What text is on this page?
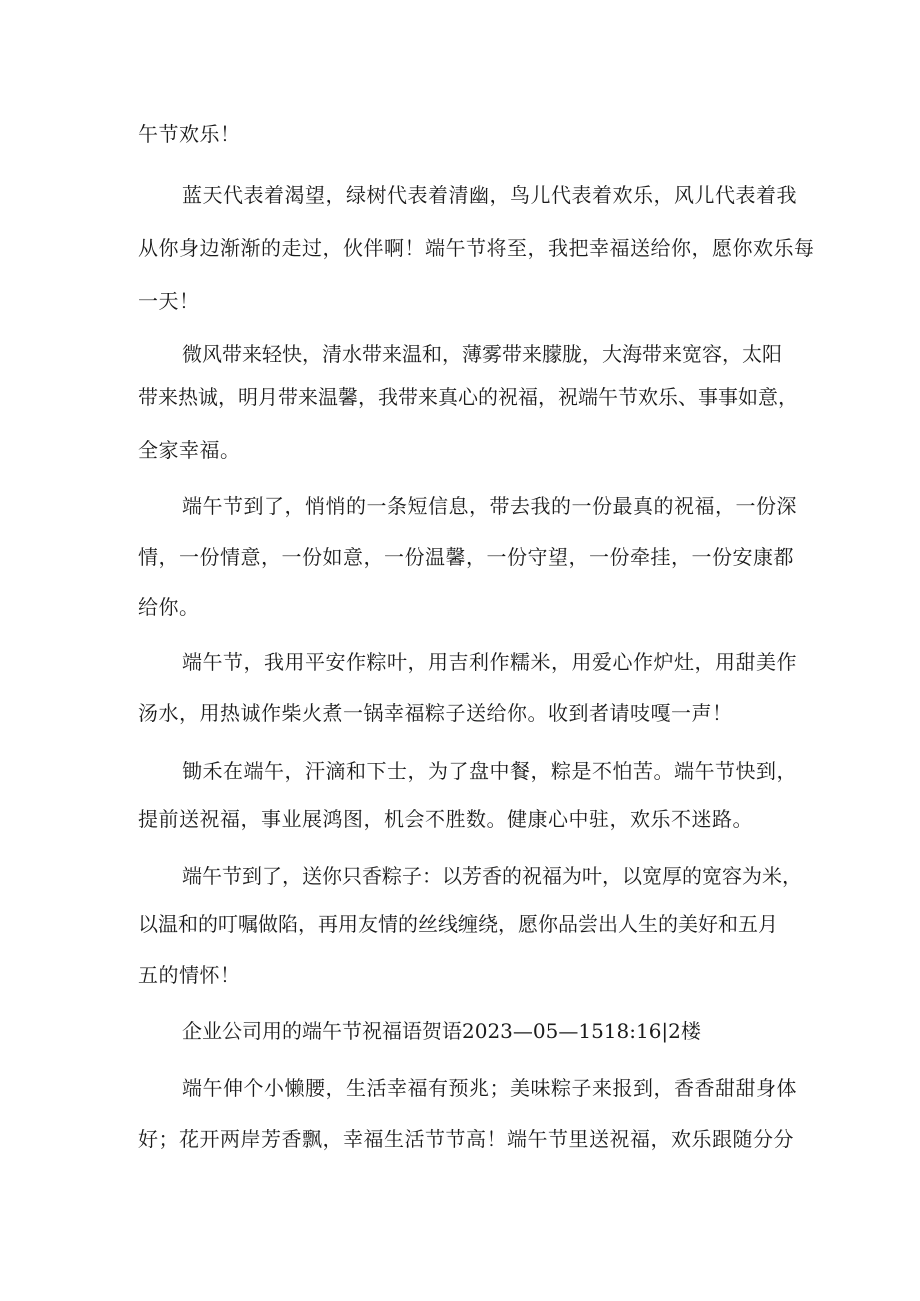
午节欢乐！
蓝天代表着渴望，绿树代表着清幽，鸟儿代表着欢乐，风儿代表着我
从你身边渐渐的走过，伙伴啊！端午节将至，我把幸福送给你，愿你欢乐每
一天！
微风带来轻快，清水带来温和，薄雾带来朦胧，大海带来宽容，太阳
带来热诚，明月带来温馨，我带来真心的祝福，祝端午节欢乐、事事如意，
全家幸福。
端午节到了，悄悄的一条短信息，带去我的一份最真的祝福，一份深
情，一份情意，一份如意，一份温馨，一份守望，一份牵挂，一份安康都
给你。
端午节，我用平安作粽叶，用吉利作糯米，用爱心作炉灶，用甜美作
汤水，用热诚作柴火煮一锅幸福粽子送给你。收到者请吱嘎一声！
锄禾在端午，汗滴和下士，为了盘中餐，粽是不怕苦。端午节快到，
提前送祝福，事业展鸿图，机会不胜数。健康心中驻，欢乐不迷路。
端午节到了，送你只香粽子：以芳香的祝福为叶，以宽厚的宽容为米，
以温和的叮嘱做陷，再用友情的丝线缠绕，愿你品尝出人生的美好和五月
五的情怀！
企业公司用的端午节祝福语贺语2023—05—1518:16|2楼
端午伸个小懒腰，生活幸福有预兆；美味粽子来报到，香香甜甜身体
好；花开两岸芳香飘，幸福生活节节高！端午节里送祝福，欢乐跟随分分
